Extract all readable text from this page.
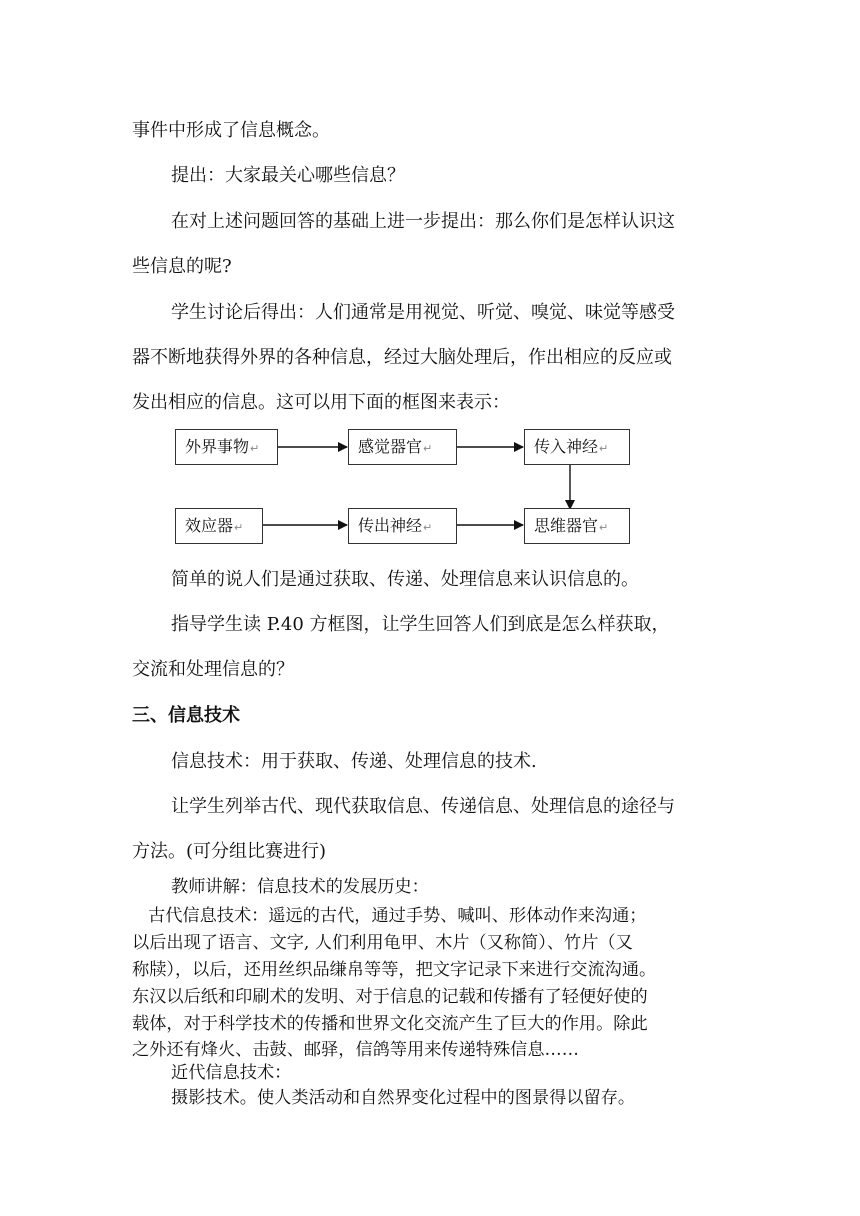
事件中形成了信息概念。
提出：大家最关心哪些信息？
在对上述问题回答的基础上进一步提出：那么你们是怎样认识这
些信息的呢?
学生讨论后得出：人们通常是用视觉、听觉、嗅觉、味觉等感受
器不断地获得外界的各种信息，经过大脑处理后，作出相应的反应或
发出相应的信息。这可以用下面的框图来表示：
外界事物↵	感觉器官↵	传入神经↵
效应器↵	传出神经↵	思维器官↵
简单的说人们是通过获取、传递、处理信息来认识信息的。
指导学生读 P.40 方框图，让学生回答人们到底是怎么样获取，
交流和处理信息的？
三、信息技术
信息技术：用于获取、传递、处理信息的技术.
让学生列举古代、现代获取信息、传递信息、处理信息的途径与
方法。(可分组比赛进行)
教师讲解：信息技术的发展历史：
古代信息技术：遥远的古代，通过手势、喊叫、形体动作来沟通；
以后出现了语言、文字, 人们利用龟甲、木片（又称简）、竹片（又
称牍），以后，还用丝织品缣帛等等，把文字记录下来进行交流沟通。
东汉以后纸和印刷术的发明、对于信息的记载和传播有了轻便好使的
载体，对于科学技术的传播和世界文化交流产生了巨大的作用。除此
之外还有烽火、击鼓、邮驿，信鸽等用来传递特殊信息……
近代信息技术：
摄影技术。使人类活动和自然界变化过程中的图景得以留存。
